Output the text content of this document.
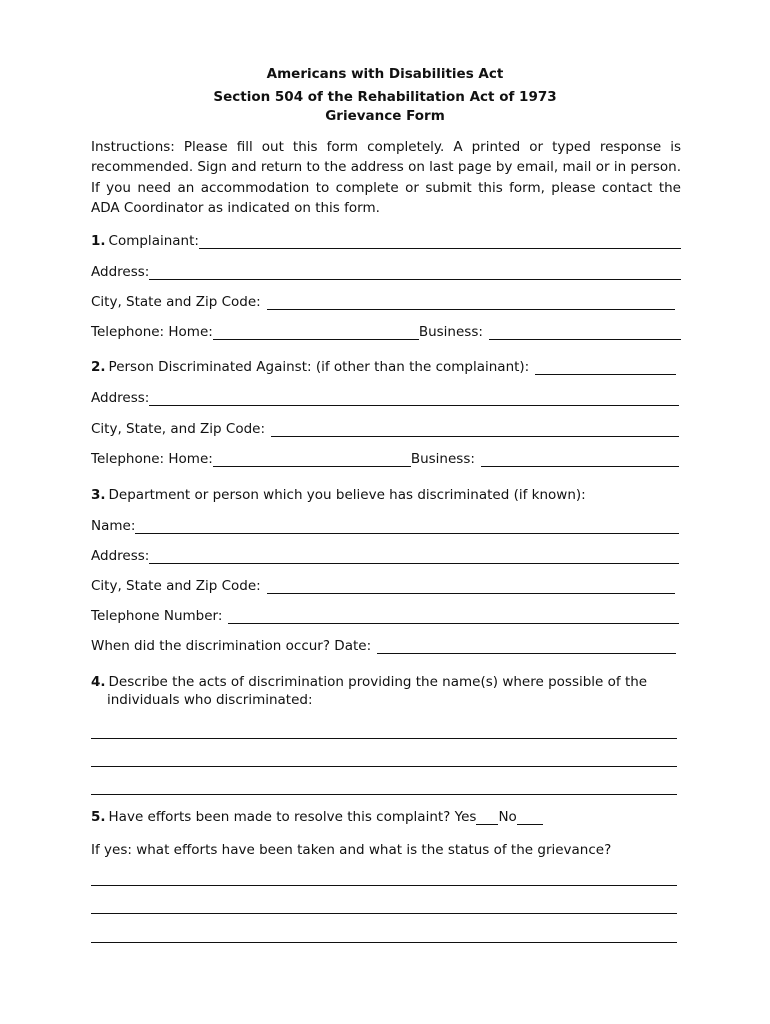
Americans with Disabilities Act
Section 504 of the Rehabilitation Act of 1973
Grievance Form
Instructions: Please fill out this form completely. A printed or typed response is recommended. Sign and return to the address on last page by email, mail or in person. If you need an accommodation to complete or submit this form, please contact the ADA Coordinator as indicated on this form.
1. Complainant:
Address:
City, State and Zip Code:
Telephone: Home:	Business:
2. Person Discriminated Against: (if other than the complainant):
Address:
City, State, and Zip Code:
Telephone: Home:	Business:
3. Department or person which you believe has discriminated (if known):
Name:
Address:
City, State and Zip Code:
Telephone Number:
When did the discrimination occur? Date:
4. Describe the acts of discrimination providing the name(s) where possible of the
individuals who discriminated:
5. Have efforts been made to resolve this complaint? Yes No
If yes: what efforts have been taken and what is the status of the grievance?
